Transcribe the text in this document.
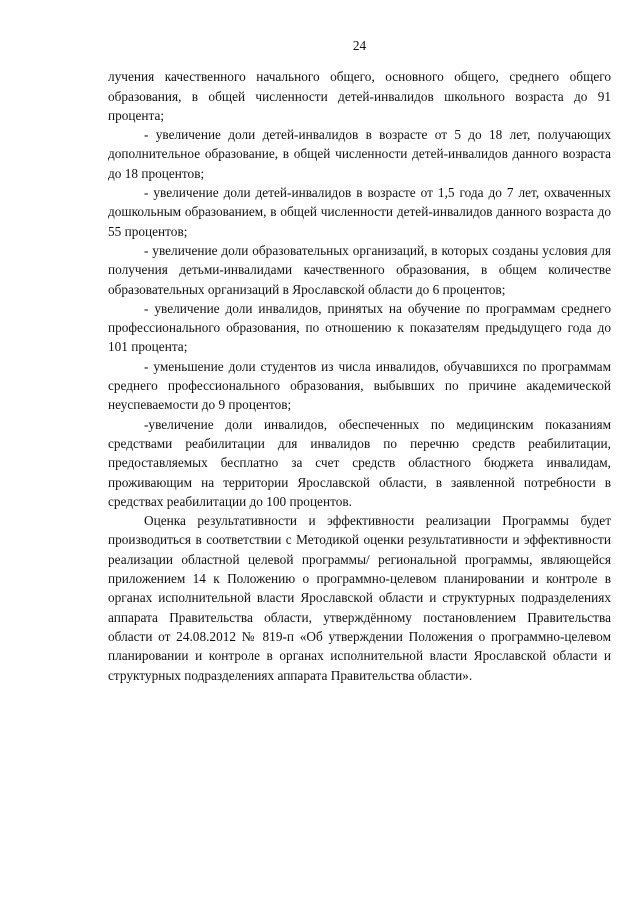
24

лучения качественного начального общего, основного общего, среднего общего образования, в общей численности детей-инвалидов школьного возраста до 91 процента;

- увеличение доли детей-инвалидов в возрасте от 5 до 18 лет, получающих дополнительное образование, в общей численности детей-инвалидов данного возраста до 18 процентов;

- увеличение доли детей-инвалидов в возрасте от 1,5 года до 7 лет, охваченных дошкольным образованием, в общей численности детей-инвалидов данного возраста до 55 процентов;

- увеличение доли образовательных организаций, в которых созданы условия для получения детьми-инвалидами качественного образования, в общем количестве образовательных организаций в Ярославской области до 6 процентов;

- увеличение доли инвалидов, принятых на обучение по программам среднего профессионального образования, по отношению к показателям предыдущего года до 101 процента;

- уменьшение доли студентов из числа инвалидов, обучавшихся по программам среднего профессионального образования, выбывших по причине академической неуспеваемости до 9 процентов;

-увеличение доли инвалидов, обеспеченных по медицинским показаниям средствами реабилитации для инвалидов по перечню средств реабилитации, предоставляемых бесплатно за счет средств областного бюджета инвалидам, проживающим на территории Ярославской области, в заявленной потребности в средствах реабилитации до 100 процентов.

Оценка результативности и эффективности реализации Программы будет производиться в соответствии с Методикой оценки результативности и эффективности реализации областной целевой программы/ региональной программы, являющейся приложением 14 к Положению о программно-целевом планировании и контроле в органах исполнительной власти Ярославской области и структурных подразделениях аппарата Правительства области, утверждённому постановлением Правительства области от 24.08.2012 № 819-п «Об утверждении Положения о программно-целевом планировании и контроле в органах исполнительной власти Ярославской области и структурных подразделениях аппарата Правительства области».
